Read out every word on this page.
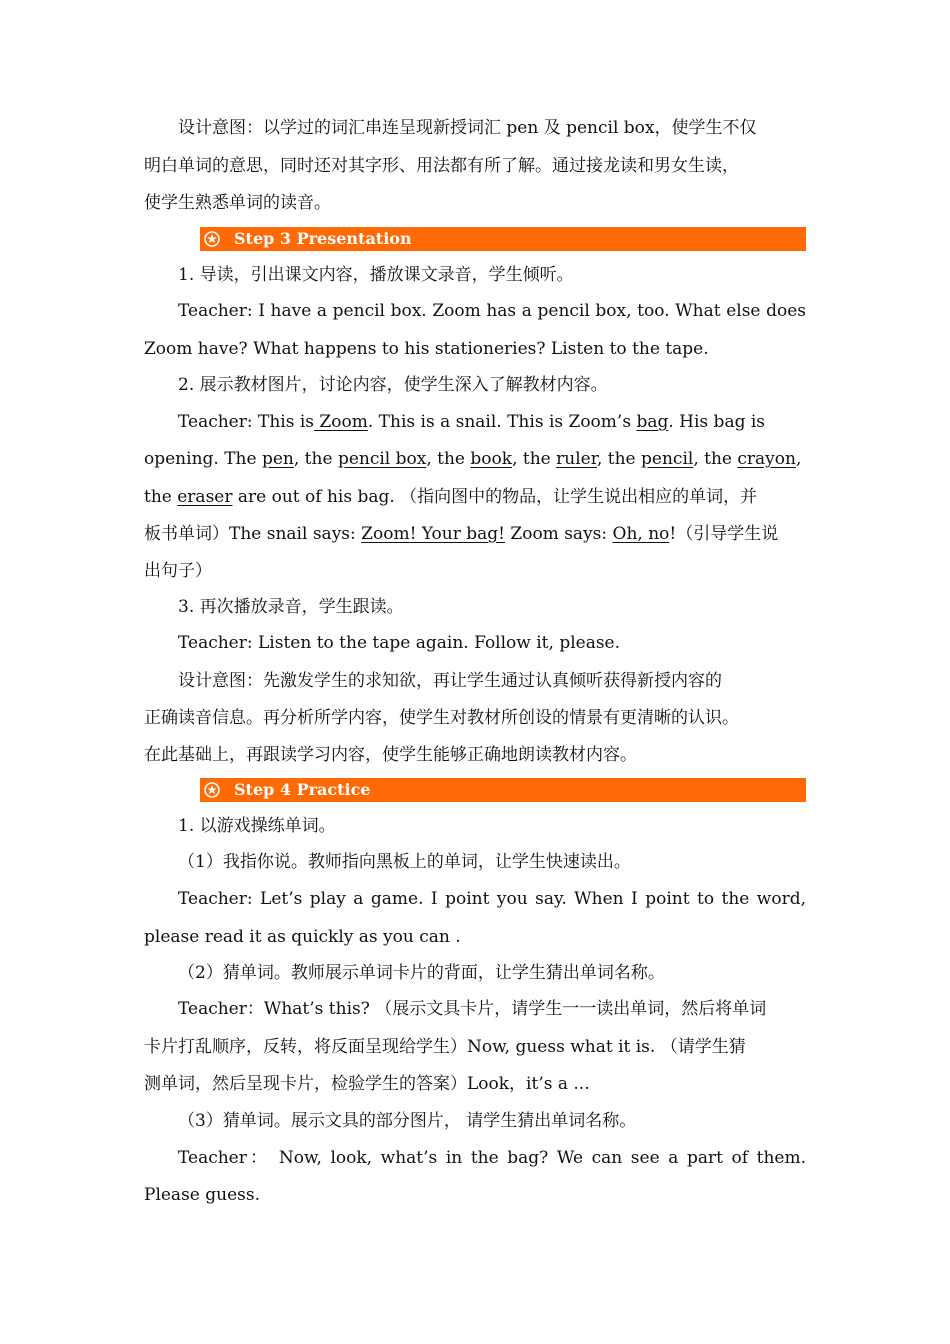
设计意图：以学过的词汇串连呈现新授词汇 pen 及 pencil box，使学生不仅
明白单词的意思，同时还对其字形、用法都有所了解。通过接龙读和男女生读，
使学生熟悉单词的读音。
Step 3 Presentation
1. 导读，引出课文内容，播放课文录音，学生倾听。
Teacher: I have a pencil box. Zoom has a pencil box, too. What else does
Zoom have? What happens to his stationeries? Listen to the tape.
2. 展示教材图片，讨论内容，使学生深入了解教材内容。
Teacher: This is Zoom. This is a snail. This is Zoom’s bag. His bag is
opening. The pen, the pencil box, the book, the ruler, the pencil, the crayon,
the eraser are out of his bag. （指向图中的物品，让学生说出相应的单词，并
板书单词）The snail says: Zoom! Your bag! Zoom says: Oh, no!（引导学生说
出句子）
3. 再次播放录音，学生跟读。
Teacher: Listen to the tape again. Follow it, please.
设计意图：先激发学生的求知欲，再让学生通过认真倾听获得新授内容的
正确读音信息。再分析所学内容，使学生对教材所创设的情景有更清晰的认识。
在此基础上，再跟读学习内容，使学生能够正确地朗读教材内容。
Step 4 Practice
1. 以游戏操练单词。
（1）我指你说。教师指向黑板上的单词，让学生快速读出。
Teacher: Let’s play a game. I point you say. When I point to the word,
please read it as quickly as you can .
（2）猜单词。教师展示单词卡片的背面，让学生猜出单词名称。
Teacher：What’s this? （展示文具卡片，请学生一一读出单词，然后将单词
卡片打乱顺序，反转，将反面呈现给学生）Now, guess what it is. （请学生猜
测单词，然后呈现卡片，检验学生的答案）Look，it’s a ...
（3）猜单词。展示文具的部分图片， 请学生猜出单词名称。
Teacher： Now, look, what’s in the bag? We can see a part of them.
Please guess.
